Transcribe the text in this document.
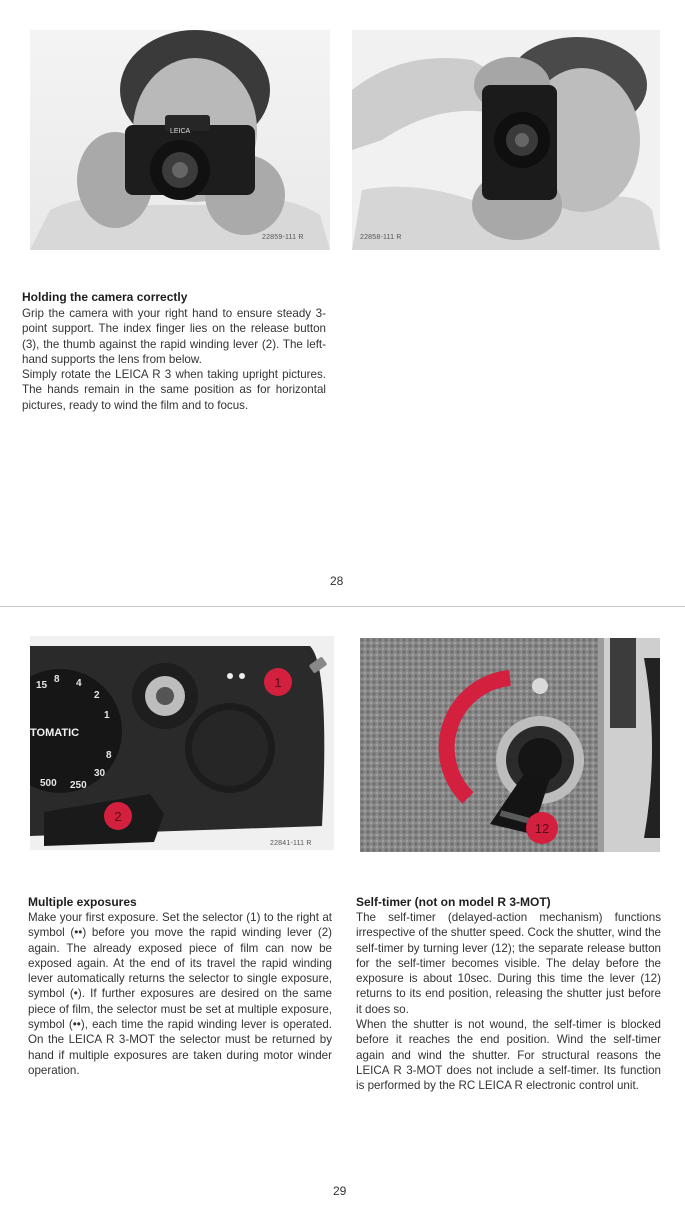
LEICA
22859-111 R	22858-111 R
Holding the camera correctly
Grip the camera with your right hand to ensure steady 3-point support. The index finger lies on the release button (3), the thumb against the rapid winding lever (2). The left-hand supports the lens from below.
Simply rotate the LEICA R 3 when taking upright pictures. The hands remain in the same position as for horizontal pictures, ready to wind the film and to focus.
28
15
8 4
2
1
8
30
250
500
TOMATIC
1
2
22841-111 R
12
Multiple exposures
Make your first exposure. Set the selector (1) to the right at symbol (••) before you move the rapid winding lever (2) again. The already exposed piece of film can now be exposed again. At the end of its travel the rapid winding lever automatically returns the selector to single exposure, symbol (•). If further exposures are desired on the same piece of film, the selector must be set at multiple exposure, symbol (••), each time the rapid winding lever is operated. On the LEICA R 3-MOT the selector must be returned by hand if multiple exposures are taken during motor winder operation.
Self-timer (not on model R 3-MOT)
The self-timer (delayed-action mechanism) functions irrespective of the shutter speed. Cock the shutter, wind the self-timer by turning lever (12); the separate release button for the self-timer becomes visible. The delay before the exposure is about 10sec. During this time the lever (12) returns to its end position, releasing the shutter just before it does so.
When the shutter is not wound, the self-timer is blocked before it reaches the end position. Wind the self-timer again and wind the shutter. For structural reasons the LEICA R 3-MOT does not include a self-timer. Its function is performed by the RC LEICA R electronic control unit.
29
